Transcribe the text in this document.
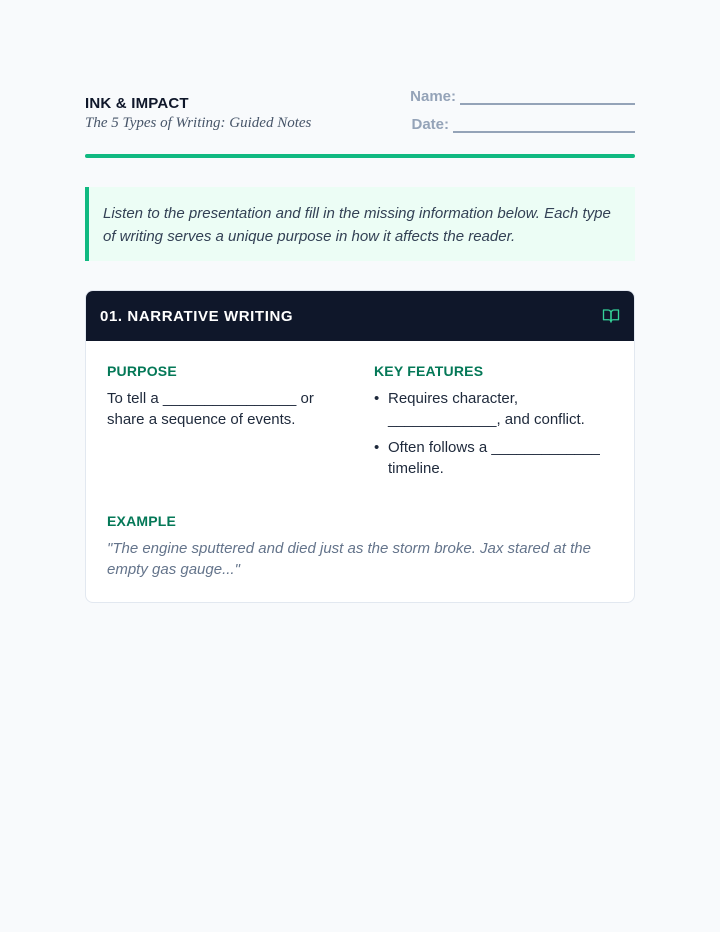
INK & IMPACT
The 5 Types of Writing: Guided Notes
Name:
Date:

Listen to the presentation and fill in the missing information below. Each type of writing serves a unique purpose in how it affects the reader.

01. NARRATIVE WRITING
PURPOSE
To tell a ________________ or share a sequence of events.
KEY FEATURES
• Requires character, _____________, and conflict.
• Often follows a _____________ timeline.
EXAMPLE
"The engine sputtered and died just as the storm broke. Jax stared at the empty gas gauge..."
